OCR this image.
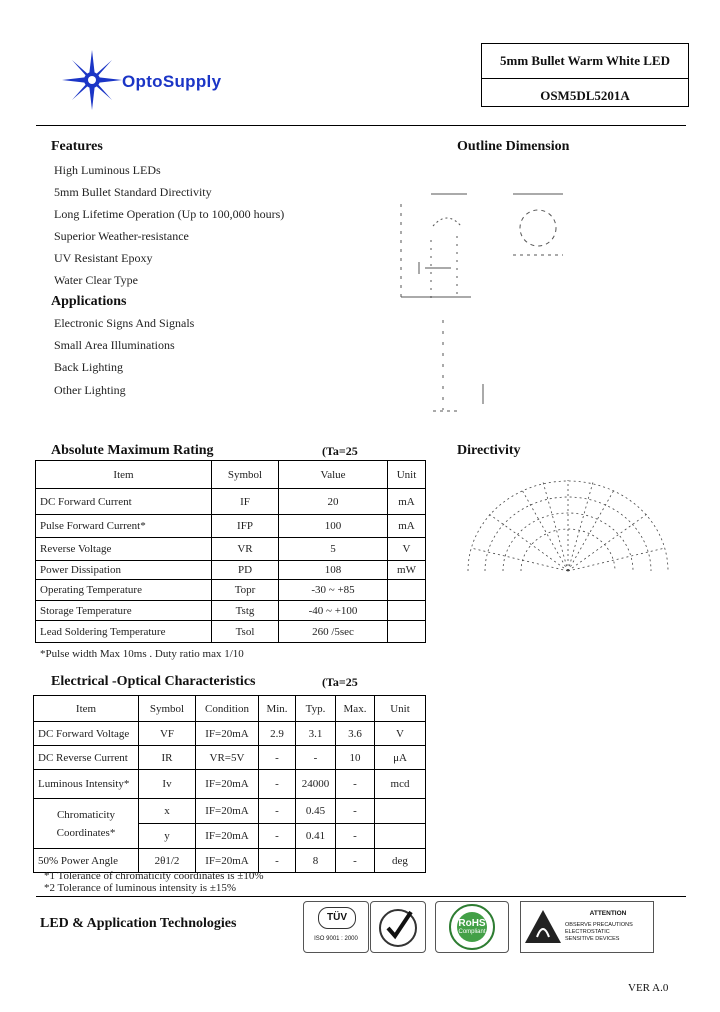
OptoSupply
5mm Bullet Warm White LED
OSM5DL5201A
Features
High Luminous LEDs
5mm Bullet Standard Directivity
Long Lifetime Operation (Up to 100,000 hours)
Superior Weather-resistance
UV Resistant Epoxy
Water Clear Type
Applications
Electronic Signs And Signals
Small Area Illuminations
Back Lighting
Other Lighting
Outline Dimension
Directivity
Absolute Maximum Rating	(Ta=25
Item	Symbol	Value	Unit
DC Forward Current	IF	20	mA
Pulse Forward Current*	IFP	100	mA
Reverse Voltage	VR	5	V
Power Dissipation	PD	108	mW
Operating Temperature	Topr	-30 ~ +85	
Storage Temperature	Tstg	-40 ~ +100	
Lead Soldering Temperature	Tsol	260 /5sec	
*Pulse width Max 10ms . Duty ratio max 1/10
Electrical -Optical Characteristics	(Ta=25
Item	Symbol	Condition	Min.	Typ.	Max.	Unit
DC Forward Voltage	VF	IF=20mA	2.9	3.1	3.6	V
DC Reverse Current	IR	VR=5V	-	-	10	μA
Luminous Intensity*	Iv	IF=20mA	-	24000	-	mcd

Chromaticity
Coordinates*	x	IF=20mA	-	0.45	-	
	y	IF=20mA	-	0.41	-	
50% Power Angle	2θ1/2	IF=20mA	-	8	-	deg
*1 Tolerance of chromaticity coordinates is ±10%
*2 Tolerance of luminous intensity is ±15%
LED & Application Technologies	TÜV
ISO 9001 : 2000
RoHS
Compliant
ATTENTION
OBSERVE PRECAUTIONS
ELECTROSTATIC
SENSITIVE DEVICES
VER A.0
